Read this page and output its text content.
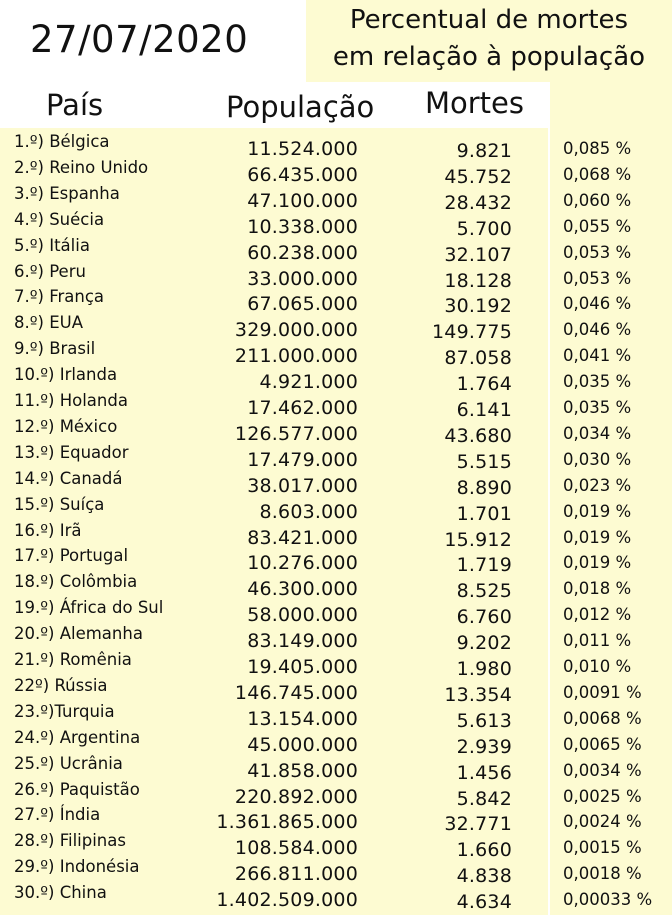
27/07/2020	Percentual de mortes
em relação à população
País	População Mortes
1.º) Bélgica	11.524.000	9.821	0,085 %
2.º) Reino Unido	66.435.000	45.752	0,068 %
3.º) Espanha	47.100.000	28.432	0,060 %
4.º) Suécia	10.338.000	5.700	0,055 %
5.º) Itália	60.238.000	32.107	0,053 %
6.º) Peru	33.000.000	18.128	0,053 %
7.º) França	67.065.000	30.192	0,046 %
8.º) EUA	329.000.000	149.775	0,046 %
9.º) Brasil	211.000.000	87.058	0,041 %
10.º) Irlanda	4.921.000	1.764	0,035 %
11.º) Holanda	17.462.000	6.141	0,035 %
12.º) México	126.577.000	43.680	0,034 %
13.º) Equador	17.479.000	5.515	0,030 %
14.º) Canadá	38.017.000	8.890	0,023 %
15.º) Suíça	8.603.000	1.701	0,019 %
16.º) Irã	83.421.000	15.912	0,019 %
17.º) Portugal	10.276.000	1.719	0,019 %
18.º) Colômbia	46.300.000	8.525	0,018 %
19.º) África do Sul	58.000.000	6.760	0,012 %
20.º) Alemanha	83.149.000	9.202	0,011 %
21.º) Romênia	19.405.000	1.980	0,010 %
22º) Rússia	146.745.000	13.354	0,0091 %
23.º)Turquia	13.154.000	5.613	0,0068 %
24.º) Argentina	45.000.000	2.939	0,0065 %
25.º) Ucrânia	41.858.000	1.456	0,0034 %
26.º) Paquistão	220.892.000	5.842	0,0025 %
27.º) Índia	1.361.865.000	32.771	0,0024 %
28.º) Filipinas	108.584.000	1.660	0,0015 %
29.º) Indonésia	266.811.000	4.838	0,0018 %
30.º) China	1.402.509.000	4.634	0,00033 %
